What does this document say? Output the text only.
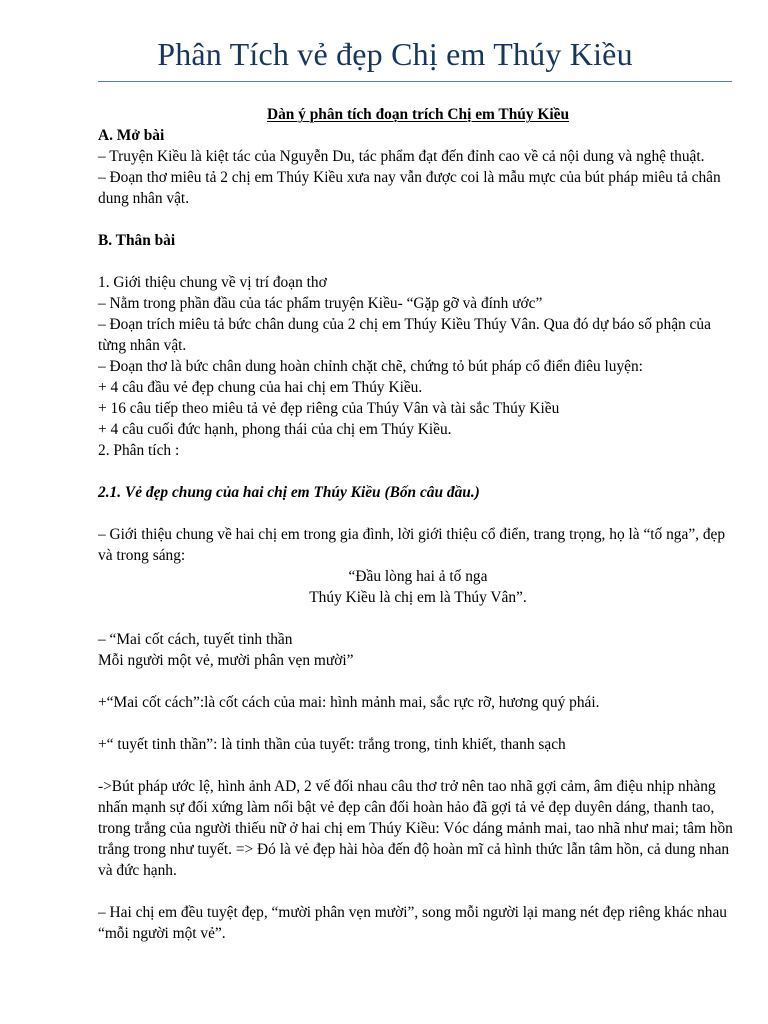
Phân Tích vẻ đẹp Chị em Thúy Kiều

Dàn ý phân tích đoạn trích Chị em Thúy Kiều

A. Mở bài

– Truyện Kiều là kiệt tác của Nguyễn Du, tác phẩm đạt đến đỉnh cao về cả nội dung và nghệ thuật.

– Đoạn thơ miêu tả 2 chị em Thúy Kiều xưa nay vẫn được coi là mẫu mực của bút pháp miêu tả chân dung nhân vật.

B. Thân bài

1. Giới thiệu chung về vị trí đoạn thơ

– Nằm trong phần đầu của tác phẩm truyện Kiều- “Gặp gỡ và đính ước”

– Đoạn trích miêu tả bức chân dung của 2 chị em Thúy Kiều Thúy Vân. Qua đó dự báo số phận của từng nhân vật.

– Đoạn thơ là bức chân dung hoàn chỉnh chặt chẽ, chứng tỏ bút pháp cổ điển điêu luyện:

+ 4 câu đầu vẻ đẹp chung của hai chị em Thúy Kiều.

+ 16 câu tiếp theo miêu tả vẻ đẹp riêng của Thúy Vân và tài sắc Thúy Kiều

+ 4 câu cuối đức hạnh, phong thái của chị em Thúy Kiều.

2. Phân tích :

2.1. Vẻ đẹp chung của hai chị em Thúy Kiều (Bốn câu đầu.)

– Giới thiệu chung về hai chị em trong gia đình, lời giới thiệu cổ điển, trang trọng, họ là “tố nga”, đẹp và trong sáng:

“Đầu lòng hai ả tố nga

Thúy Kiều là chị em là Thúy Vân”.

– “Mai cốt cách, tuyết tinh thần

Mỗi người một vẻ, mười phân vẹn mười”

+“Mai cốt cách”:là cốt cách của mai: hình mảnh mai, sắc rực rỡ, hương quý phái.

+“ tuyết tinh thần”: là tinh thần của tuyết: trắng trong, tinh khiết, thanh sạch

->Bút pháp ước lệ, hình ảnh AD, 2 vế đối nhau câu thơ trở nên tao nhã gợi cảm, âm điệu nhịp nhàng nhấn mạnh sự đối xứng làm nổi bật vẻ đẹp cân đối hoàn hảo đã gợi tả vẻ đẹp duyên dáng, thanh tao, trong trắng của người thiếu nữ ở hai chị em Thúy Kiều: Vóc dáng mảnh mai, tao nhã như mai; tâm hồn trắng trong như tuyết. => Đó là vẻ đẹp hài hòa đến độ hoàn mĩ cả hình thức lẫn tâm hồn, cả dung nhan và đức hạnh.

– Hai chị em đều tuyệt đẹp, “mười phân vẹn mười”, song mỗi người lại mang nét đẹp riêng khác nhau “mỗi người một vẻ”.
